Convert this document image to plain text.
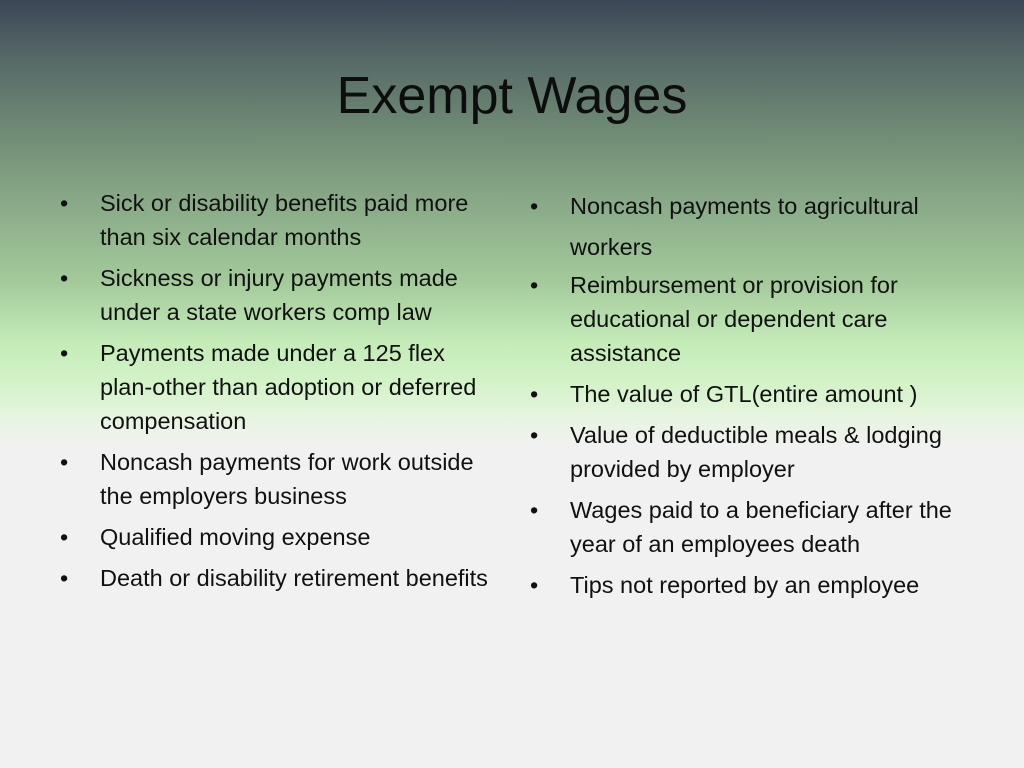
Exempt Wages
•	Sick or disability benefits paid more than six calendar months
•	Sickness or injury payments made under a state workers comp law
•	Payments made under a 125 flex plan-other than adoption or deferred compensation
•	Noncash payments for work outside the employers business
•	Qualified moving expense
•	Death or disability retirement benefits
•	Noncash payments to agricultural workers
•	Reimbursement or provision for educational or dependent care assistance
•	The value of GTL(entire amount )
•	Value of deductible meals & lodging provided by employer
•	Wages paid to a beneficiary after the year of an employees death
•	Tips not reported by an employee
